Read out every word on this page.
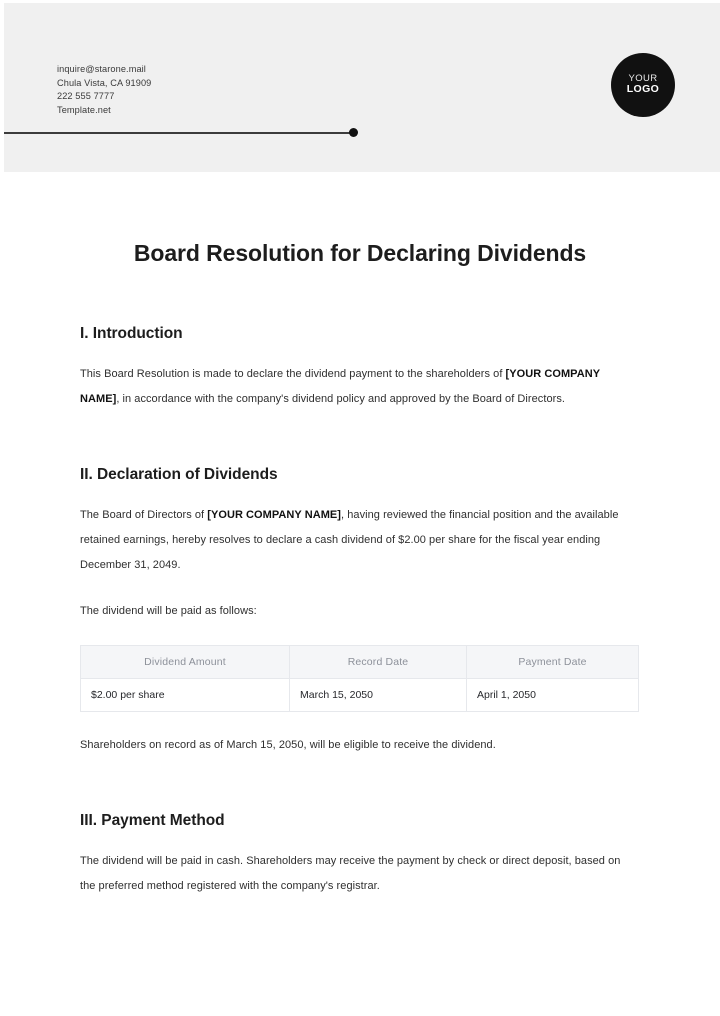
inquire@starone.mail
Chula Vista, CA 91909
222 555 7777
Template.net
YOUR
LOGO
Board Resolution for Declaring Dividends
I. Introduction

This Board Resolution is made to declare the dividend payment to the shareholders of [YOUR COMPANY NAME], in accordance with the company's dividend policy and approved by the Board of Directors.

II. Declaration of Dividends

The Board of Directors of [YOUR COMPANY NAME], having reviewed the financial position and the available retained earnings, hereby resolves to declare a cash dividend of $2.00 per share for the fiscal year ending December 31, 2049.

The dividend will be paid as follows:

Dividend Amount	Record Date	Payment Date
$2.00 per share	March 15, 2050	April 1, 2050

Shareholders on record as of March 15, 2050, will be eligible to receive the dividend.

III. Payment Method

The dividend will be paid in cash. Shareholders may receive the payment by check or direct deposit, based on the preferred method registered with the company's registrar.
